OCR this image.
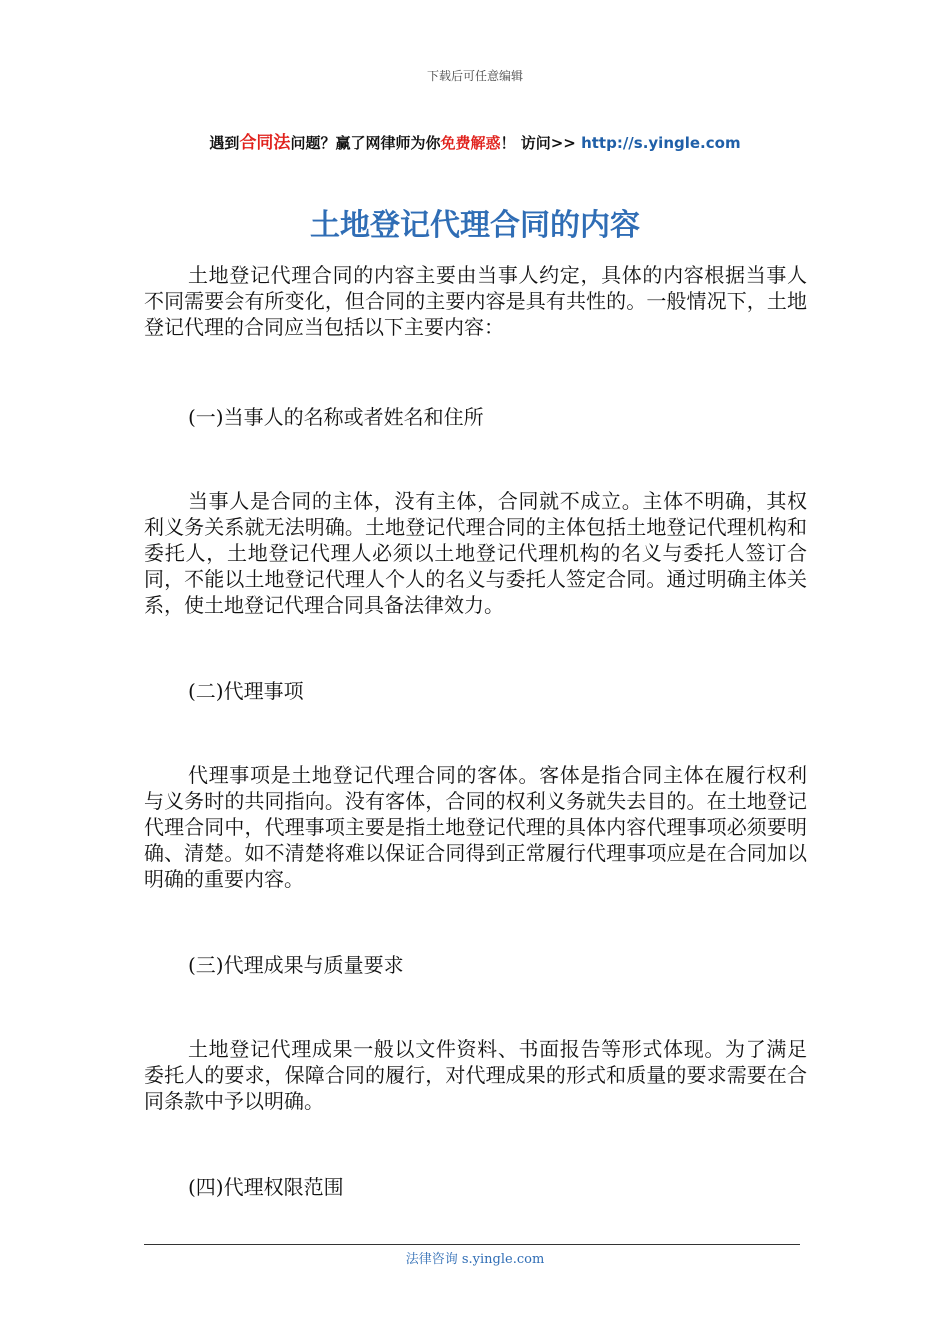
下载后可任意编辑
遇到合同法问题？赢了网律师为你免费解惑！ 访问>> http://s.yingle.com
土地登记代理合同的内容

土地登记代理合同的内容主要由当事人约定，具体的内容根据当事人不同需要会有所变化，但合同的主要内容是具有共性的。一般情况下，土地登记代理的合同应当包括以下主要内容：

(一)当事人的名称或者姓名和住所

当事人是合同的主体，没有主体，合同就不成立。主体不明确，其权利义务关系就无法明确。土地登记代理合同的主体包括土地登记代理机构和委托人，土地登记代理人必须以土地登记代理机构的名义与委托人签订合同，不能以土地登记代理人个人的名义与委托人签定合同。通过明确主体关系，使土地登记代理合同具备法律效力。

(二)代理事项

代理事项是土地登记代理合同的客体。客体是指合同主体在履行权利与义务时的共同指向。没有客体，合同的权利义务就失去目的。在土地登记代理合同中，代理事项主要是指土地登记代理的具体内容代理事项必须要明确、清楚。如不清楚将难以保证合同得到正常履行代理事项应是在合同加以明确的重要内容。

(三)代理成果与质量要求

土地登记代理成果一般以文件资料、书面报告等形式体现。为了满足委托人的要求，保障合同的履行，对代理成果的形式和质量的要求需要在合同条款中予以明确。

(四)代理权限范围

法律咨询 s.yingle.com
